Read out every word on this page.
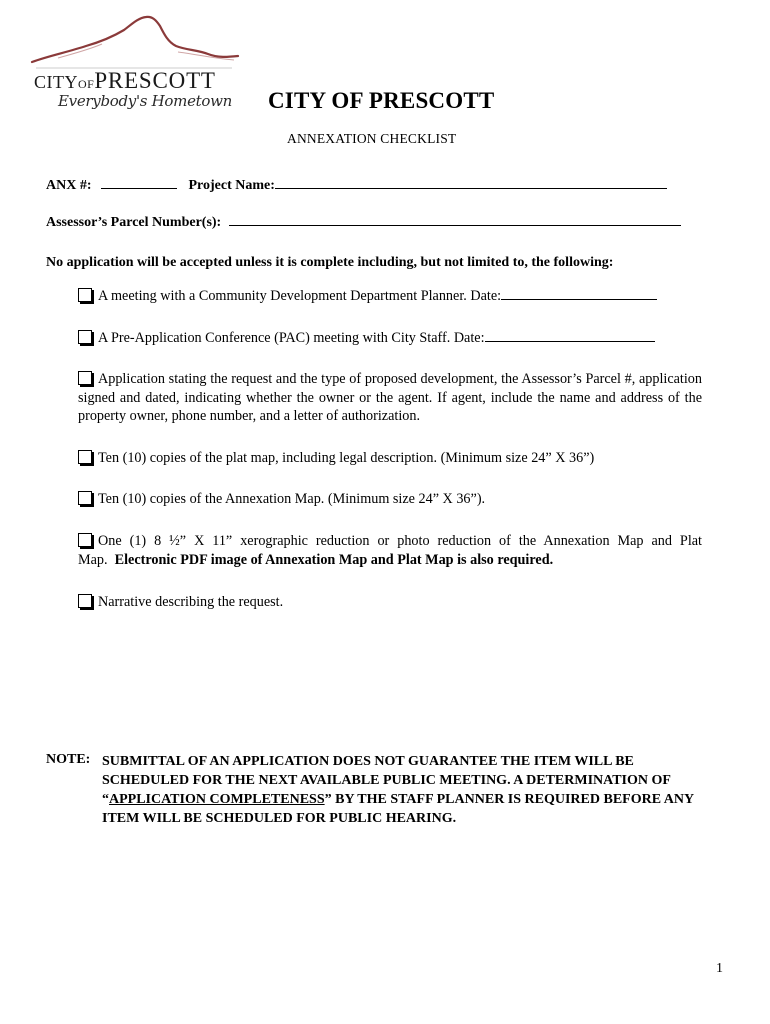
CITYOFPRESCOTT
Everybody's Hometown CITY OF PRESCOTT
ANNEXATION CHECKLIST
ANX #:	Project Name:
Assessor’s Parcel Number(s):
No application will be accepted unless it is complete including, but not limited to, the following:
A meeting with a Community Development Department Planner. Date:
A Pre-Application Conference (PAC) meeting with City Staff. Date:
Application stating the request and the type of proposed development, the Assessor’s Parcel #, application signed and dated, indicating whether the owner or the agent. If agent, include the name and address of the property owner, phone number, and a letter of authorization.
Ten (10) copies of the plat map, including legal description. (Minimum size 24” X 36”)
Ten (10) copies of the Annexation Map. (Minimum size 24” X 36”).
One (1) 8 ½” X 11” xerographic reduction or photo reduction of the Annexation Map and Plat Map. Electronic PDF image of Annexation Map and Plat Map is also required.
Narrative describing the request.
NOTE: SUBMITTAL OF AN APPLICATION DOES NOT GUARANTEE THE ITEM WILL BE SCHEDULED FOR THE NEXT AVAILABLE PUBLIC MEETING. A DETERMINATION OF “APPLICATION COMPLETENESS” BY THE STAFF PLANNER IS REQUIRED BEFORE ANY ITEM WILL BE SCHEDULED FOR PUBLIC HEARING.
1
